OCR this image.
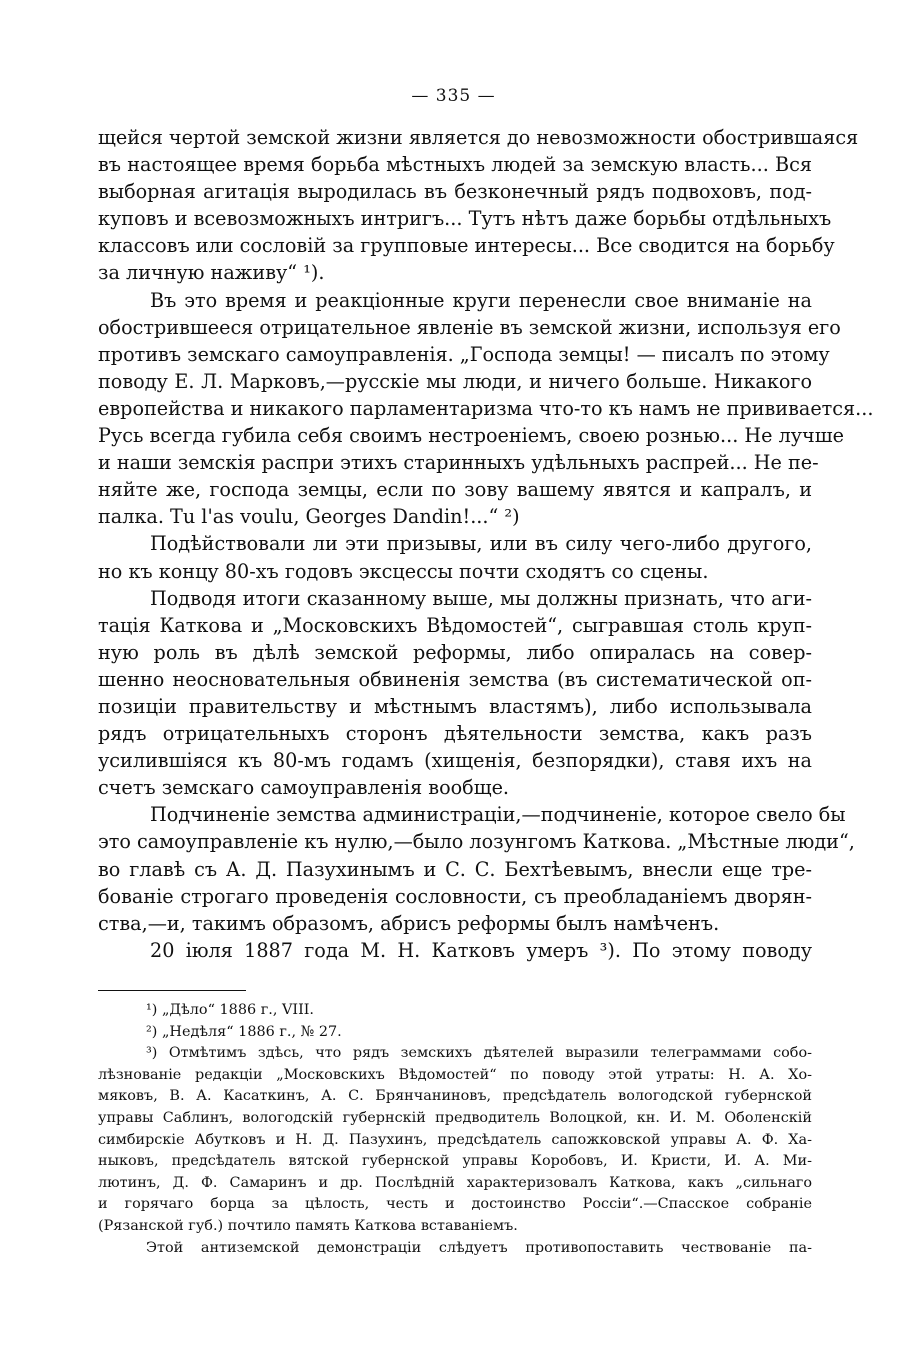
— 335 —
щейся чертой земской жизни является до невозможности обострившаяся
въ настоящее время борьба мѣстныхъ людей за земскую власть... Вся
выборная агитація выродилась въ безконечный рядъ подвоховъ, под-
куповъ и всевозможныхъ интригъ... Тутъ нѣтъ даже борьбы отдѣльныхъ
классовъ или сословій за групповые интересы... Все сводится на борьбу
за личную наживу“ ¹).
Въ это время и реакціонные круги перенесли свое вниманіе на
обострившееся отрицательное явленіе въ земской жизни, используя его
противъ земскаго самоуправленія. „Господа земцы! — писалъ по этому
поводу Е. Л. Марковъ,—русскіе мы люди, и ничего больше. Никакого
европейства и никакого парламентаризма что-то къ намъ не прививается...
Русь всегда губила себя своимъ нестроеніемъ, своею рознью... Не лучше
и наши земскія распри этихъ старинныхъ удѣльныхъ распрей... Не пе-
няйте же, господа земцы, если по зову вашему явятся и капралъ, и
палка. Tu l'as voulu, Georges Dandin!...“ ²)
Подѣйствовали ли эти призывы, или въ силу чего-либо другого,
но къ концу 80-хъ годовъ эксцессы почти сходятъ со сцены.
Подводя итоги сказанному выше, мы должны признать, что аги-
тація Каткова и „Московскихъ Вѣдомостей“, сыгравшая столь круп-
ную роль въ дѣлѣ земской реформы, либо опиралась на совер-
шенно неосновательныя обвиненія земства (въ систематической оп-
позиціи правительству и мѣстнымъ властямъ), либо использывала
рядъ отрицательныхъ сторонъ дѣятельности земства, какъ разъ
усилившіяся къ 80-мъ годамъ (хищенія, безпорядки), ставя ихъ на
счетъ земскаго самоуправленія вообще.
Подчиненіе земства администраціи,—подчиненіе, которое свело бы
это самоуправленіе къ нулю,—было лозунгомъ Каткова. „Мѣстные люди“,
во главѣ съ А. Д. Пазухинымъ и С. С. Бехтѣевымъ, внесли еще тре-
бованіе строгаго проведенія сословности, съ преобладаніемъ дворян-
ства,—и, такимъ образомъ, абрисъ реформы былъ намѣченъ.
20 іюля 1887 года М. Н. Катковъ умеръ ³). По этому поводу
¹) „Дѣло“ 1886 г., VIII.
²) „Недѣля“ 1886 г., № 27.
³) Отмѣтимъ здѣсь, что рядъ земскихъ дѣятелей выразили телеграммами собо-
лѣзнованіе редакціи „Московскихъ Вѣдомостей“ по поводу этой утраты: Н. А. Хо-
мяковъ, В. А. Касаткинъ, А. С. Брянчаниновъ, предсѣдатель вологодской губернской
управы Саблинъ, вологодскій губернскій предводитель Волоцкой, кн. И. М. Оболенскій
симбирскіе Абутковъ и Н. Д. Пазухинъ, предсѣдатель сапожковской управы А. Ф. Ха-
ныковъ, предсѣдатель вятской губернской управы Коробовъ, И. Кристи, И. А. Ми-
лютинъ, Д. Ф. Самаринъ и др. Послѣдній характеризовалъ Каткова, какъ „сильнаго
и горячаго борца за цѣлость, честь и достоинство Россіи“.—Спасское собраніе
(Рязанской губ.) почтило память Каткова вставаніемъ.
Этой антиземской демонстраціи слѣдуетъ противопоставить чествованіе па-
